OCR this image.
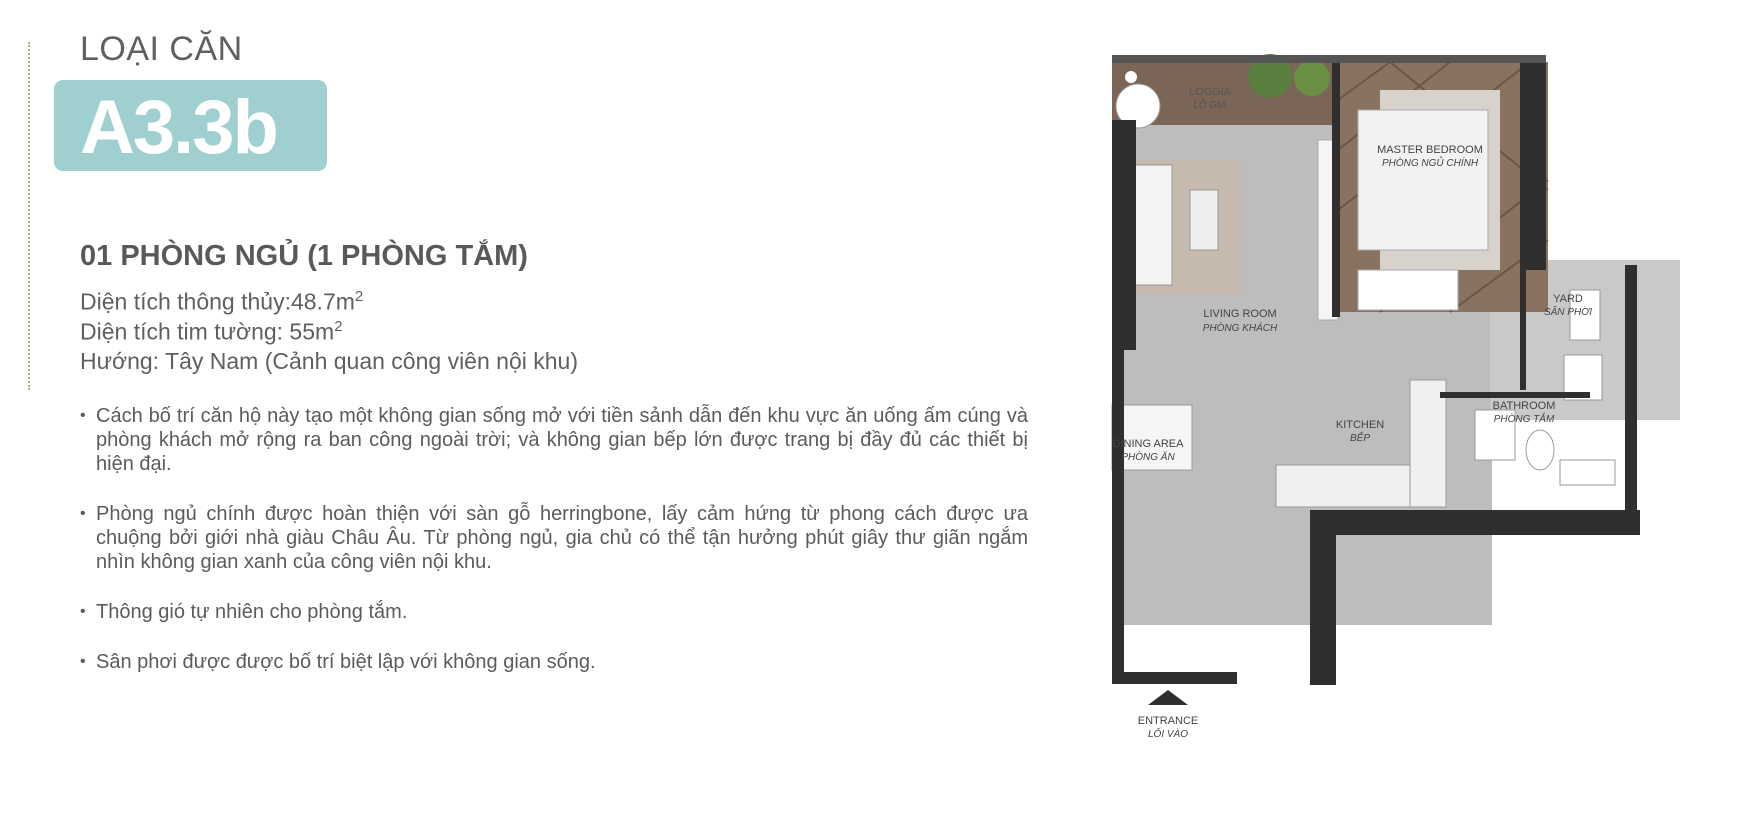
LOẠI CĂN
A3.3b
01 PHÒNG NGỦ (1 PHÒNG TẮM)
Diện tích thông $thủy:48.7m^2$
Diện tích tim tường: $55m^2$
Hướng: Tây Nam (Cảnh quan công viên nội khu)
• Cách bố trí căn hộ này tạo một không gian sống mở với tiền sảnh dẫn đến khu vực ăn uống ấm cúng và phòng khách mở rộng ra ban công ngoài trời; và không gian bếp lớn được trang bị đầy đủ các thiết bị hiện đại.
• Phòng ngủ chính được hoàn thiện với sàn gỗ herringbone, lấy cảm hứng từ phong cách được ưa chuộng bởi giới nhà giàu Châu Âu. Từ phòng ngủ, gia chủ có thể tận hưởng phút giây thư giãn ngắm nhìn không gian xanh của công viên nội khu.
• Thông gió tự nhiên cho phòng tắm.
• Sân phơi được được bố trí biệt lập với không gian sống.
LOGGIA
LÔ GIA
MASTER BEDROOM
PHÒNG NGỦ CHÍNH
LIVING ROOM
PHÒNG KHÁCH
YARD
SÂN PHƠI
BATHROOM
PHÒNG TẮM
KITCHEN
BẾP
DINING AREA
PHÒNG ĂN
ENTRANCE
LỐI VÀO
